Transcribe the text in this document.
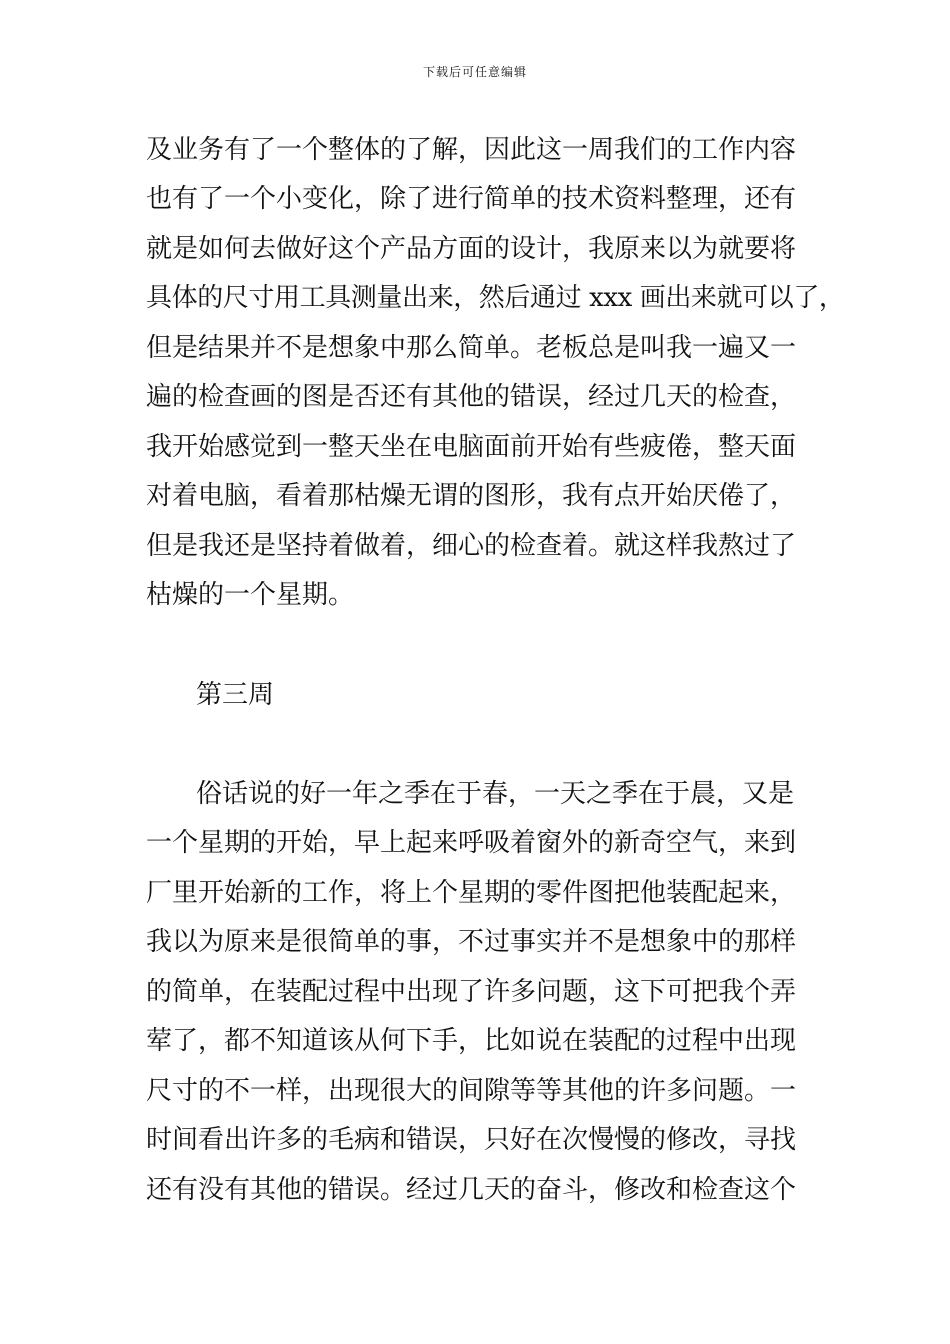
下载后可任意编辑
及业务有了一个整体的了解，因此这一周我们的工作内容
也有了一个小变化，除了进行简单的技术资料整理，还有
就是如何去做好这个产品方面的设计，我原来以为就要将
具体的尺寸用工具测量出来，然后通过 xxx 画出来就可以了，
但是结果并不是想象中那么简单。老板总是叫我一遍又一
遍的检查画的图是否还有其他的错误，经过几天的检查，
我开始感觉到一整天坐在电脑面前开始有些疲倦，整天面
对着电脑，看着那枯燥无谓的图形，我有点开始厌倦了，
但是我还是坚持着做着，细心的检查着。就这样我熬过了
枯燥的一个星期。
第三周
俗话说的好一年之季在于春，一天之季在于晨，又是
一个星期的开始，早上起来呼吸着窗外的新奇空气，来到
厂里开始新的工作，将上个星期的零件图把他装配起来，
我以为原来是很简单的事，不过事实并不是想象中的那样
的简单，在装配过程中出现了许多问题，这下可把我个弄
荤了，都不知道该从何下手，比如说在装配的过程中出现
尺寸的不一样，出现很大的间隙等等其他的许多问题。一
时间看出许多的毛病和错误，只好在次慢慢的修改，寻找
还有没有其他的错误。经过几天的奋斗，修改和检查这个
